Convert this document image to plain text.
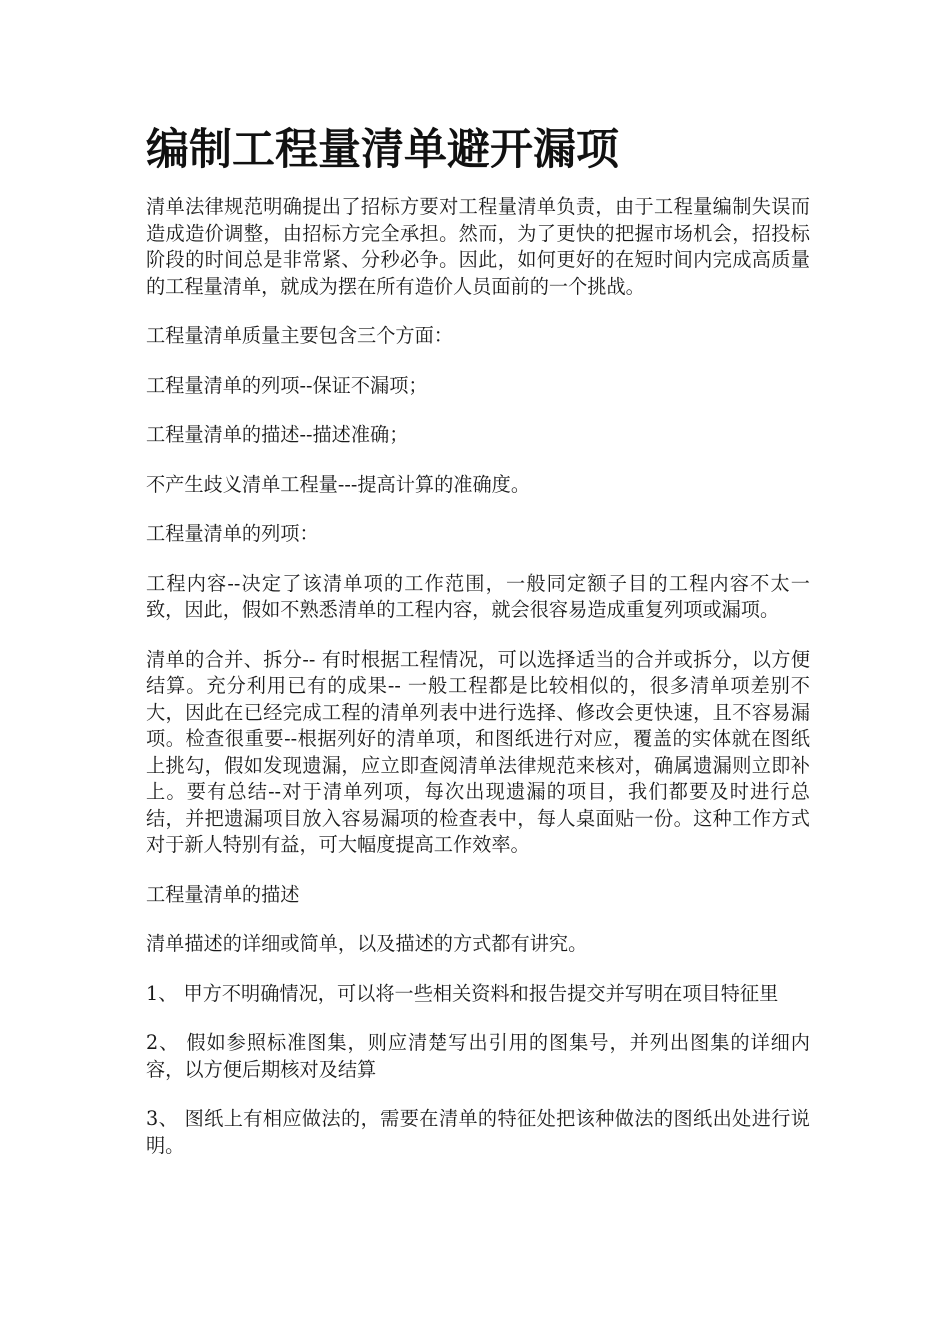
编制工程量清单避开漏项

清单法律规范明确提出了招标方要对工程量清单负责，由于工程量编制失误而造成造价调整，由招标方完全承担。然而，为了更快的把握市场机会，招投标阶段的时间总是非常紧、分秒必争。因此，如何更好的在短时间内完成高质量的工程量清单，就成为摆在所有造价人员面前的一个挑战。

工程量清单质量主要包含三个方面：

工程量清单的列项--保证不漏项；

工程量清单的描述--描述准确；

不产生歧义清单工程量---提高计算的准确度。

工程量清单的列项：

工程内容--决定了该清单项的工作范围，一般同定额子目的工程内容不太一致，因此，假如不熟悉清单的工程内容，就会很容易造成重复列项或漏项。

清单的合并、拆分-- 有时根据工程情况，可以选择适当的合并或拆分，以方便结算。充分利用已有的成果-- 一般工程都是比较相似的，很多清单项差别不大，因此在已经完成工程的清单列表中进行选择、修改会更快速，且不容易漏项。检查很重要--根据列好的清单项，和图纸进行对应，覆盖的实体就在图纸上挑勾，假如发现遗漏，应立即查阅清单法律规范来核对，确属遗漏则立即补上。要有总结--对于清单列项，每次出现遗漏的项目，我们都要及时进行总结，并把遗漏项目放入容易漏项的检查表中，每人桌面贴一份。这种工作方式对于新人特别有益，可大幅度提高工作效率。

工程量清单的描述

清单描述的详细或简单，以及描述的方式都有讲究。

1、 甲方不明确情况，可以将一些相关资料和报告提交并写明在项目特征里

2、 假如参照标准图集，则应清楚写出引用的图集号，并列出图集的详细内容，以方便后期核对及结算

3、 图纸上有相应做法的，需要在清单的特征处把该种做法的图纸出处进行说明。
